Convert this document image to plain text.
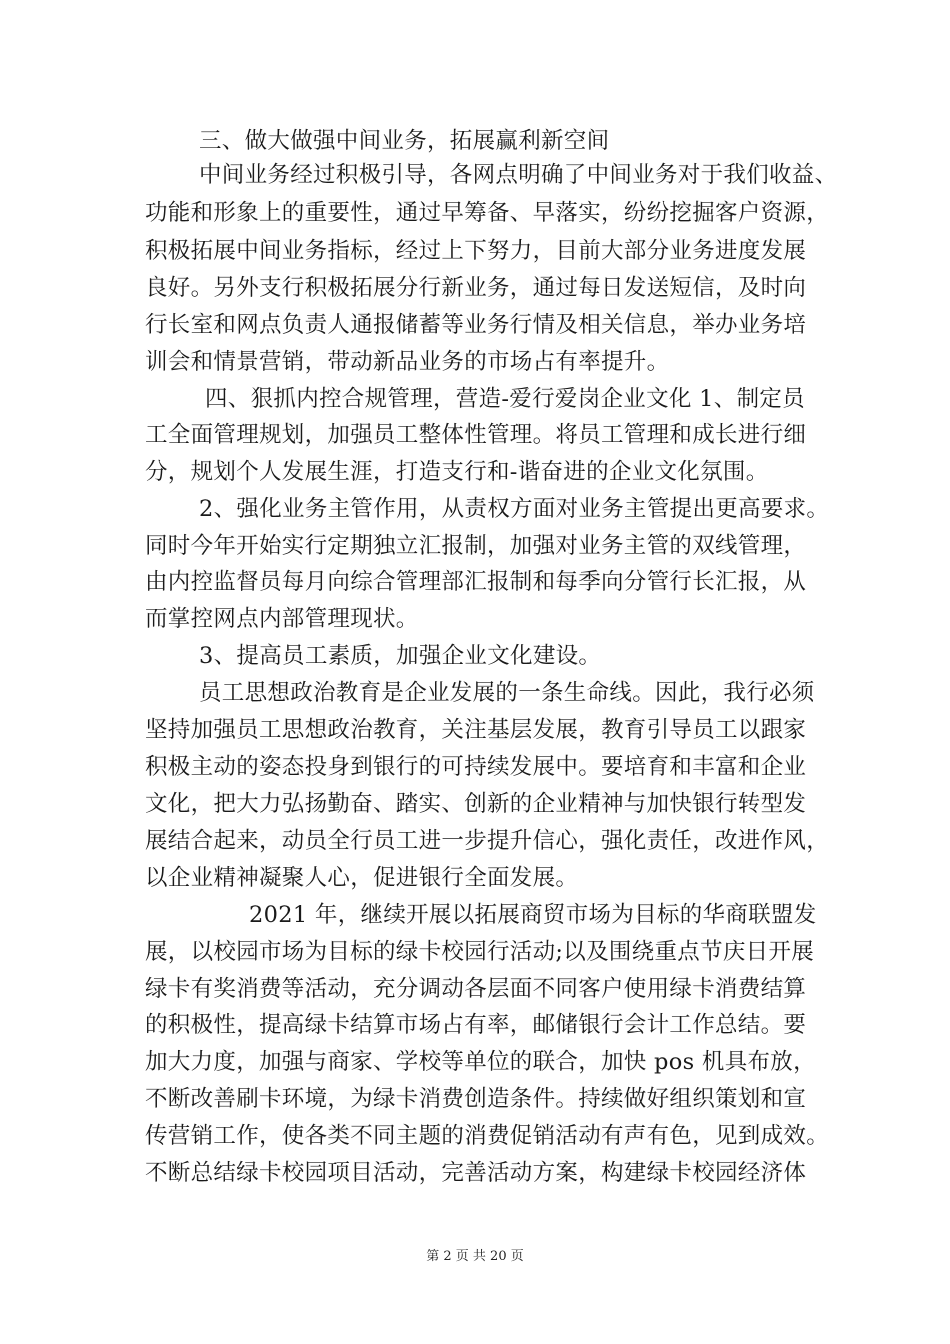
三、做大做强中间业务，拓展赢利新空间
中间业务经过积极引导，各网点明确了中间业务对于我们收益、
功能和形象上的重要性，通过早筹备、早落实，纷纷挖掘客户资源，
积极拓展中间业务指标，经过上下努力，目前大部分业务进度发展
良好。另外支行积极拓展分行新业务，通过每日发送短信，及时向
行长室和网点负责人通报储蓄等业务行情及相关信息，举办业务培
训会和情景营销，带动新品业务的市场占有率提升。
四、狠抓内控合规管理，营造-爱行爱岗企业文化 1、制定员
工全面管理规划，加强员工整体性管理。将员工管理和成长进行细
分，规划个人发展生涯，打造支行和-谐奋进的企业文化氛围。
2、强化业务主管作用，从责权方面对业务主管提出更高要求。
同时今年开始实行定期独立汇报制，加强对业务主管的双线管理，
由内控监督员每月向综合管理部汇报制和每季向分管行长汇报，从
而掌控网点内部管理现状。
3、提高员工素质，加强企业文化建设。
员工思想政治教育是企业发展的一条生命线。因此，我行必须
坚持加强员工思想政治教育，关注基层发展，教育引导员工以跟家
积极主动的姿态投身到银行的可持续发展中。要培育和丰富和企业
文化，把大力弘扬勤奋、踏实、创新的企业精神与加快银行转型发
展结合起来，动员全行员工进一步提升信心，强化责任，改进作风，
以企业精神凝聚人心，促进银行全面发展。
2021 年，继续开展以拓展商贸市场为目标的华商联盟发
展，以校园市场为目标的绿卡校园行活动;以及围绕重点节庆日开展
绿卡有奖消费等活动，充分调动各层面不同客户使用绿卡消费结算
的积极性，提高绿卡结算市场占有率，邮储银行会计工作总结。要
加大力度，加强与商家、学校等单位的联合，加快 pos 机具布放，
不断改善刷卡环境，为绿卡消费创造条件。持续做好组织策划和宣
传营销工作，使各类不同主题的消费促销活动有声有色，见到成效。
不断总结绿卡校园项目活动，完善活动方案，构建绿卡校园经济体
第 2 页 共 20 页
